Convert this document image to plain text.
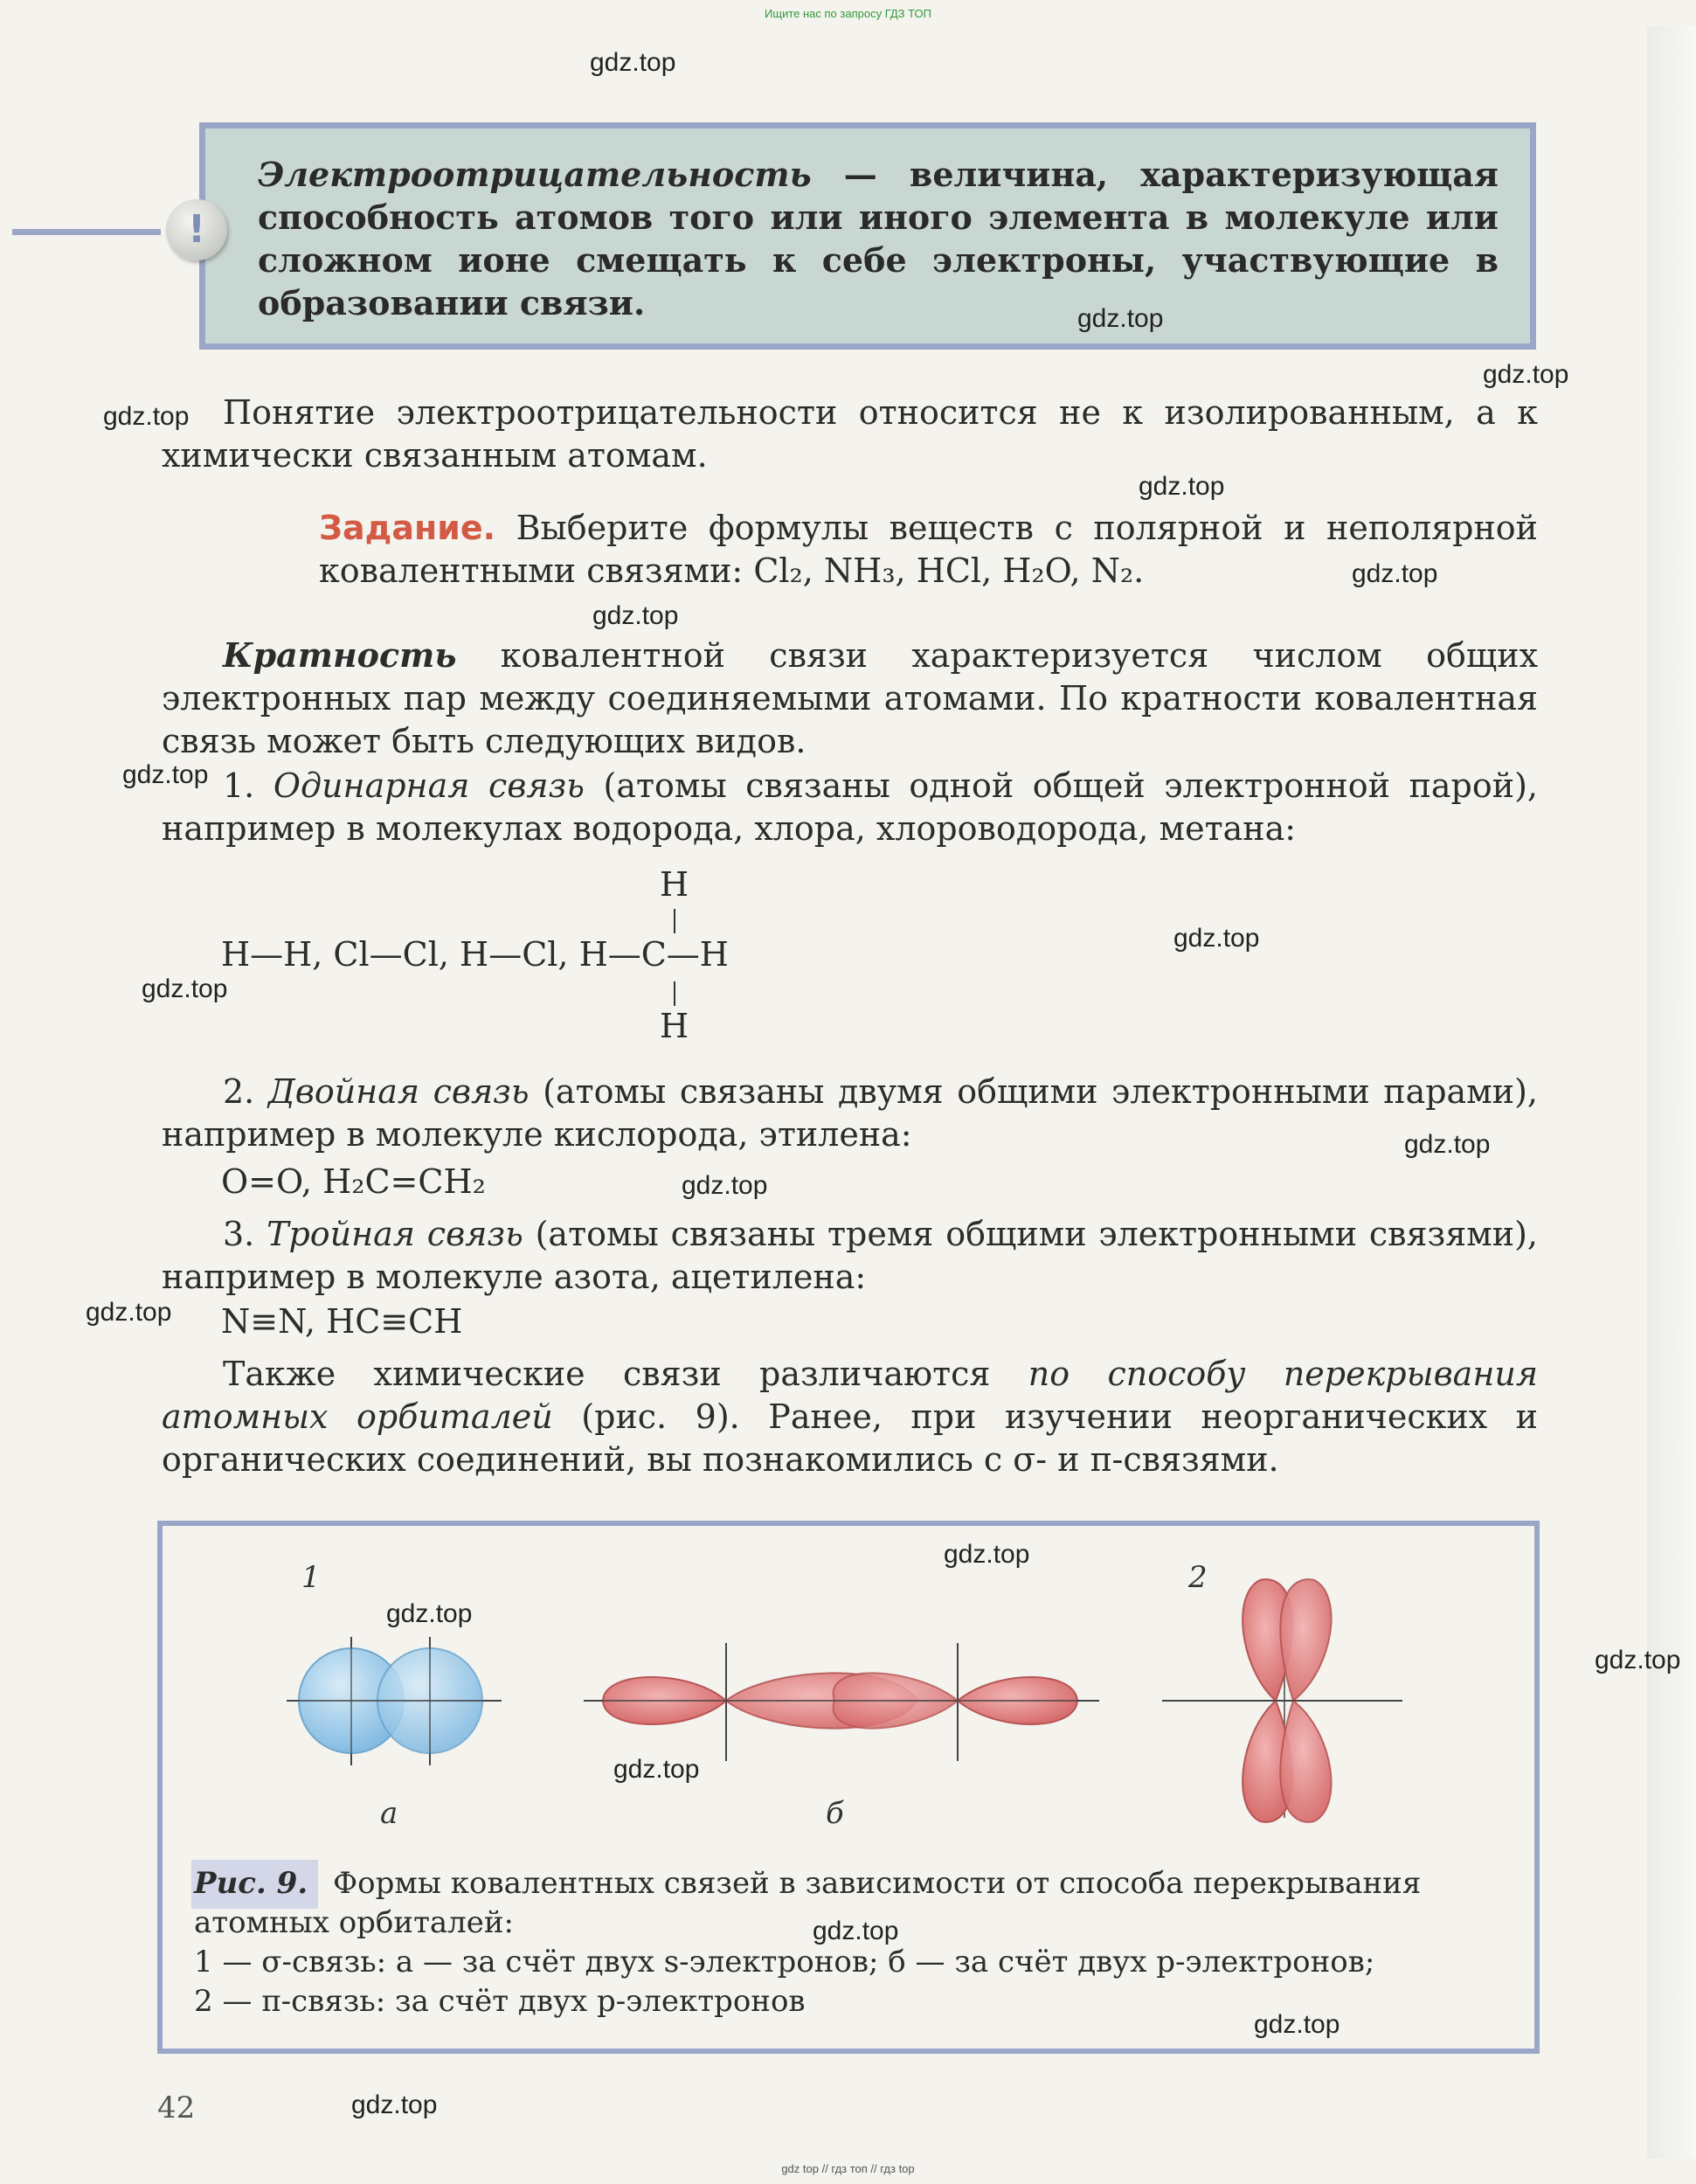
Ищите нас по запросу ГДЗ ТОП
Электроотрицательность — величина, характеризующая способность атомов того или иного элемента в молекуле или сложном ионе смещать к себе электроны, участвующие в образовании связи.
!
Понятие электроотрицательности относится не к изолированным, а к химически связанным атомам.
Задание. Выберите формулы веществ с полярной и неполярной ковалентными связями: Cl₂, NH₃, HCl, H₂O, N₂.
Кратность ковалентной связи характеризуется числом общих электронных пар между соединяемыми атомами. По кратности ковалентная связь может быть следующих видов.
1. Одинарная связь (атомы связаны одной общей электронной парой), например в молекулах водорода, хлора, хлороводорода, метана:
H
H—H, Cl—Cl, H—Cl, H—C—H
H
2. Двойная связь (атомы связаны двумя общими электронными парами), например в молекуле кислорода, этилена:
O=O, H₂C=CH₂
3. Тройная связь (атомы связаны тремя общими электронными связями), например в молекуле азота, ацетилена:
N≡N, HC≡CH
Также химические связи различаются по способу перекрывания атомных орбиталей (рис. 9). Ранее, при изучении неорганических и органических соединений, вы познакомились с σ- и π-связями.
1	2
а	б
Рис. 9. Формы ковалентных связей в зависимости от способа перекрывания атомных орбиталей:
1 — σ-связь: а — за счёт двух s-электронов; б — за счёт двух p-электронов;
2 — π-связь: за счёт двух p-электронов
42
gdz.top
gdz.top
gdz.top
gdz.top
gdz.top
gdz.top
gdz.top
gdz.top
gdz.top
gdz.top
gdz.top
gdz.top
gdz.top
gdz.top
gdz.top
gdz.top
gdz.top
gdz.top
gdz.top
gdz.top
gdz top // гдз топ // гдз top
